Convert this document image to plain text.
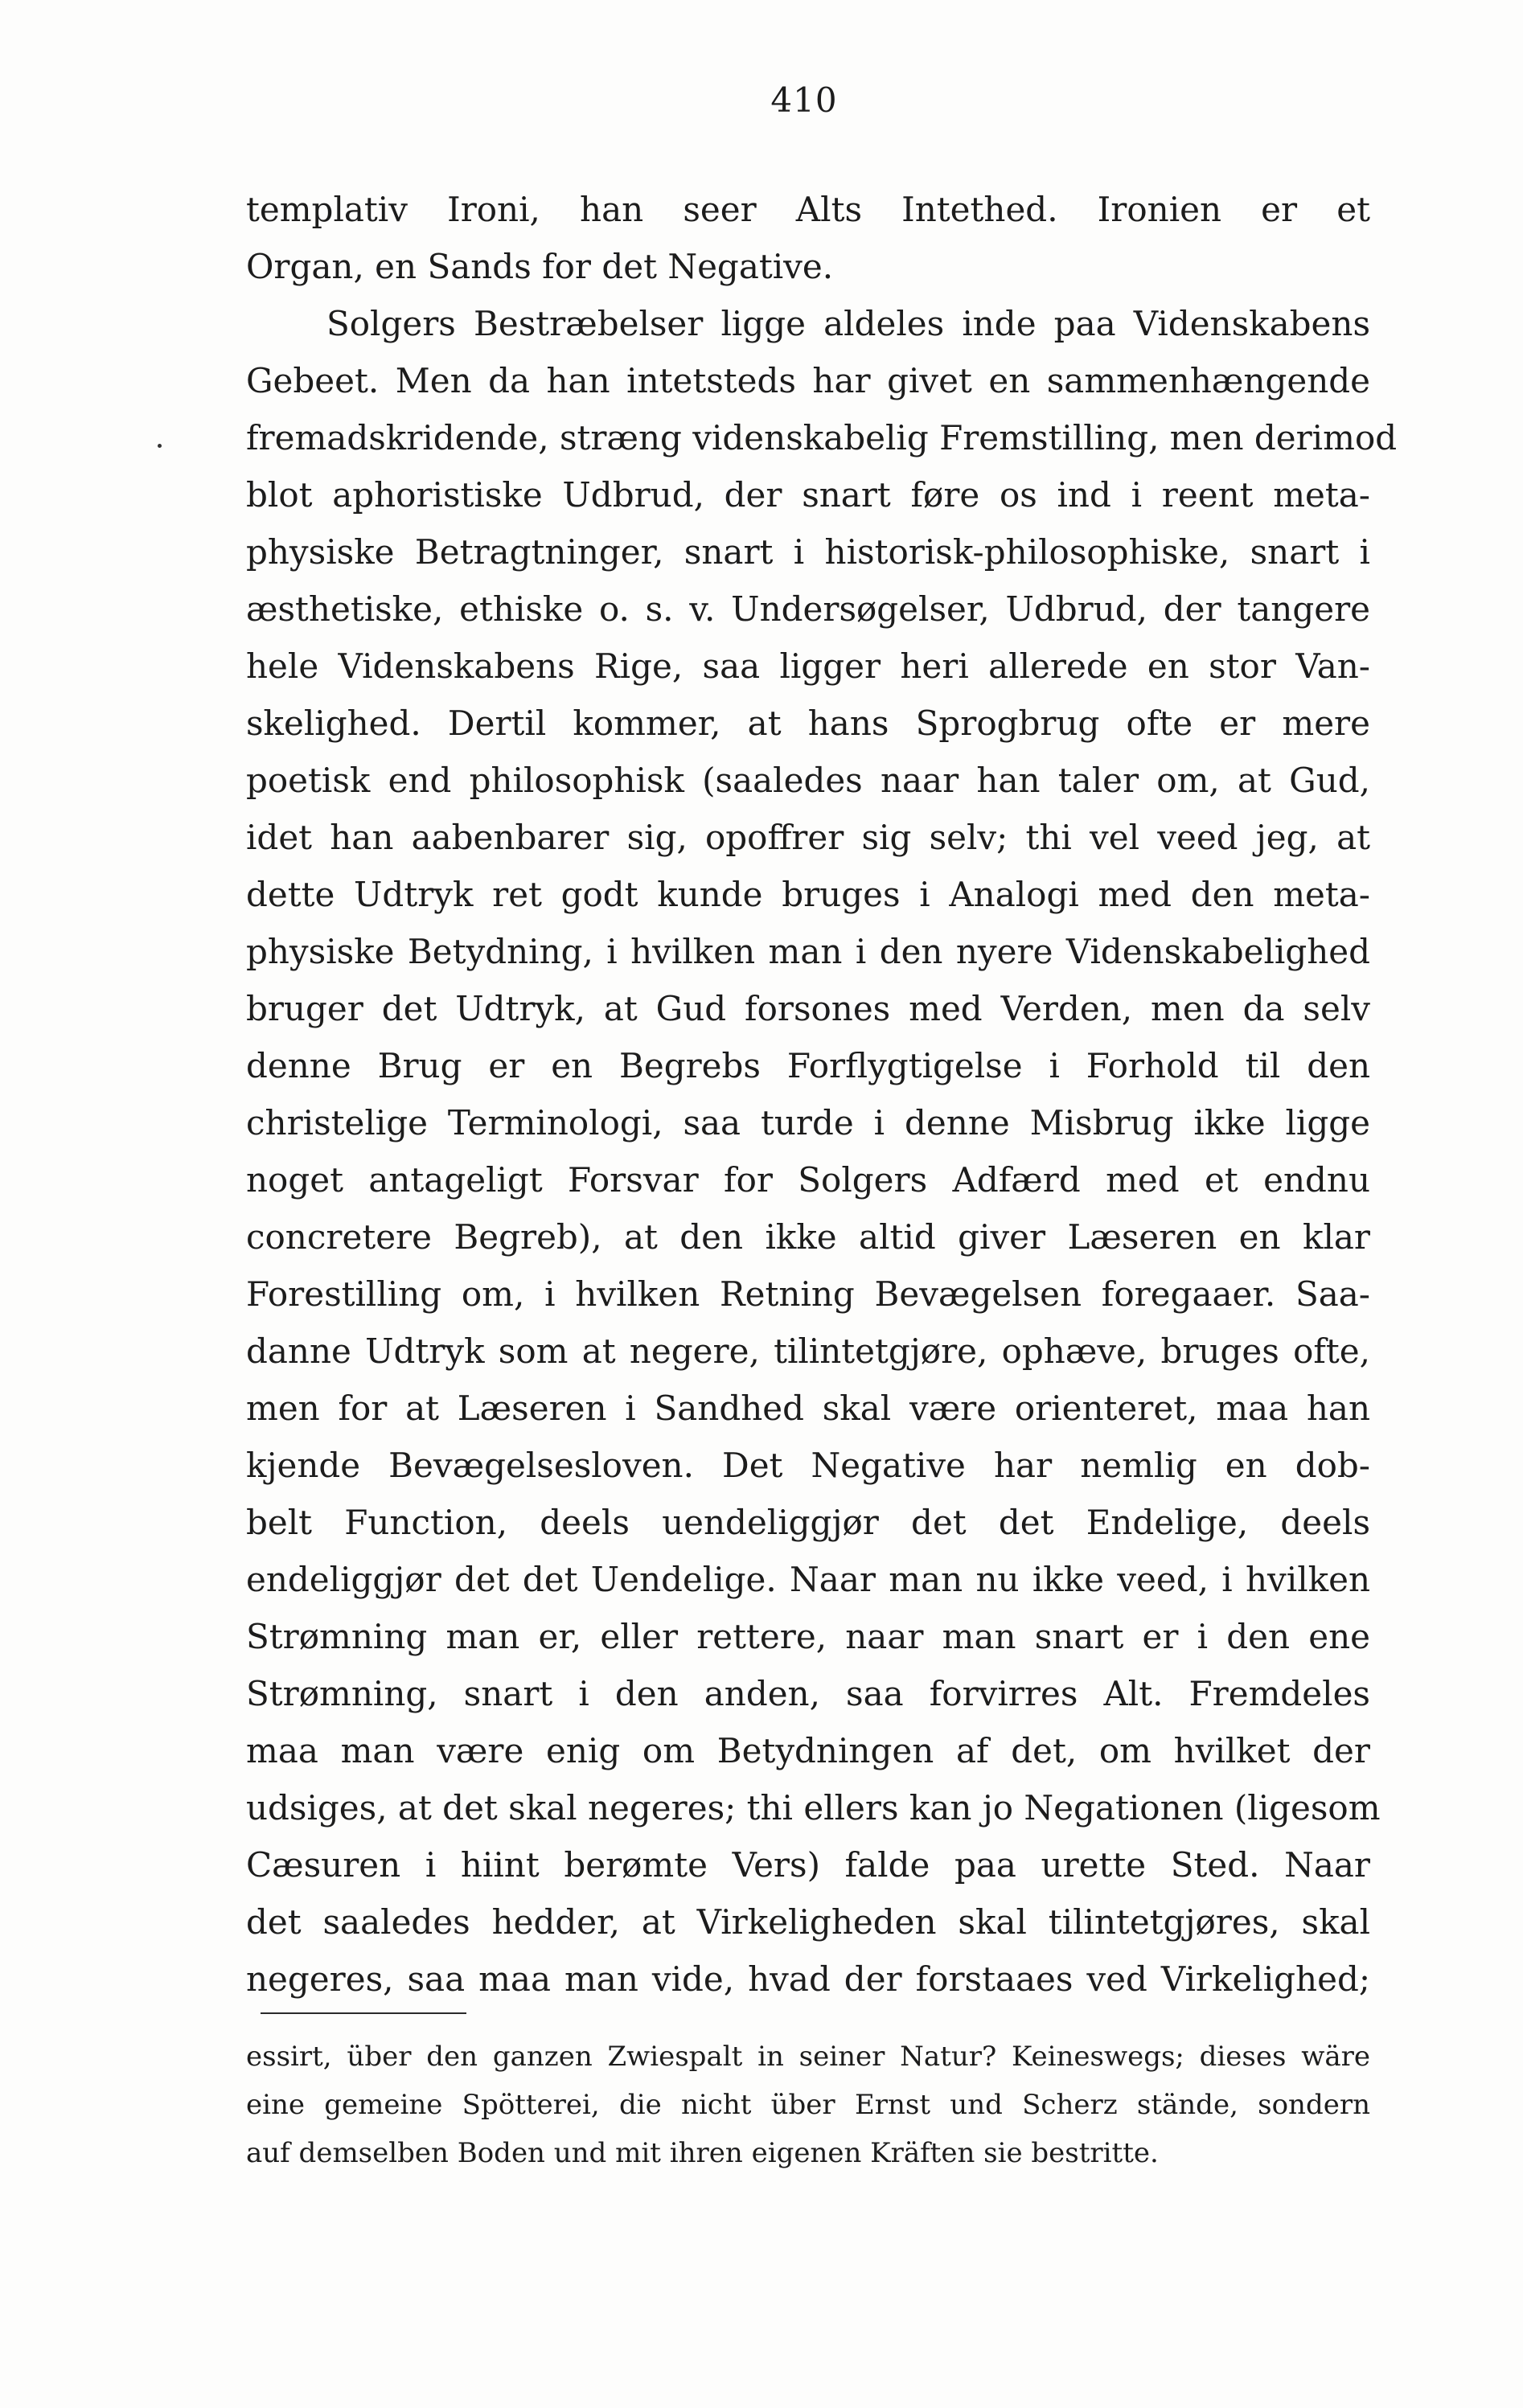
410
templativ Ironi, han seer Alts Intethed. Ironien er et
Organ, en Sands for det Negative.
Solgers Bestræbelser ligge aldeles inde paa Videnskabens
Gebeet. Men da han intetsteds har givet en sammenhængende
fremadskridende, stræng videnskabelig Fremstilling, men derimod
blot aphoristiske Udbrud, der snart føre os ind i reent meta-
physiske Betragtninger, snart i historisk-philosophiske, snart i
æsthetiske, ethiske o. s. v. Undersøgelser, Udbrud, der tangere
hele Videnskabens Rige, saa ligger heri allerede en stor Van-
skelighed. Dertil kommer, at hans Sprogbrug ofte er mere
poetisk end philosophisk (saaledes naar han taler om, at Gud,
idet han aabenbarer sig, opoffrer sig selv; thi vel veed jeg, at
dette Udtryk ret godt kunde bruges i Analogi med den meta-
physiske Betydning, i hvilken man i den nyere Videnskabelighed
bruger det Udtryk, at Gud forsones med Verden, men da selv
denne Brug er en Begrebs Forflygtigelse i Forhold til den
christelige Terminologi, saa turde i denne Misbrug ikke ligge
noget antageligt Forsvar for Solgers Adfærd med et endnu
concretere Begreb), at den ikke altid giver Læseren en klar
Forestilling om, i hvilken Retning Bevægelsen foregaaer. Saa-
danne Udtryk som at negere, tilintetgjøre, ophæve, bruges ofte,
men for at Læseren i Sandhed skal være orienteret, maa han
kjende Bevægelsesloven. Det Negative har nemlig en dob-
belt Function, deels uendeliggjør det det Endelige, deels
endeliggjør det det Uendelige. Naar man nu ikke veed, i hvilken
Strømning man er, eller rettere, naar man snart er i den ene
Strømning, snart i den anden, saa forvirres Alt. Fremdeles
maa man være enig om Betydningen af det, om hvilket der
udsiges, at det skal negeres; thi ellers kan jo Negationen (ligesom
Cæsuren i hiint berømte Vers) falde paa urette Sted. Naar
det saaledes hedder, at Virkeligheden skal tilintetgjøres, skal
negeres, saa maa man vide, hvad der forstaaes ved Virkelighed;
essirt, über den ganzen Zwiespalt in seiner Natur? Keineswegs; dieses wäre
eine gemeine Spötterei, die nicht über Ernst und Scherz stände, sondern
auf demselben Boden und mit ihren eigenen Kräften sie bestritte.
